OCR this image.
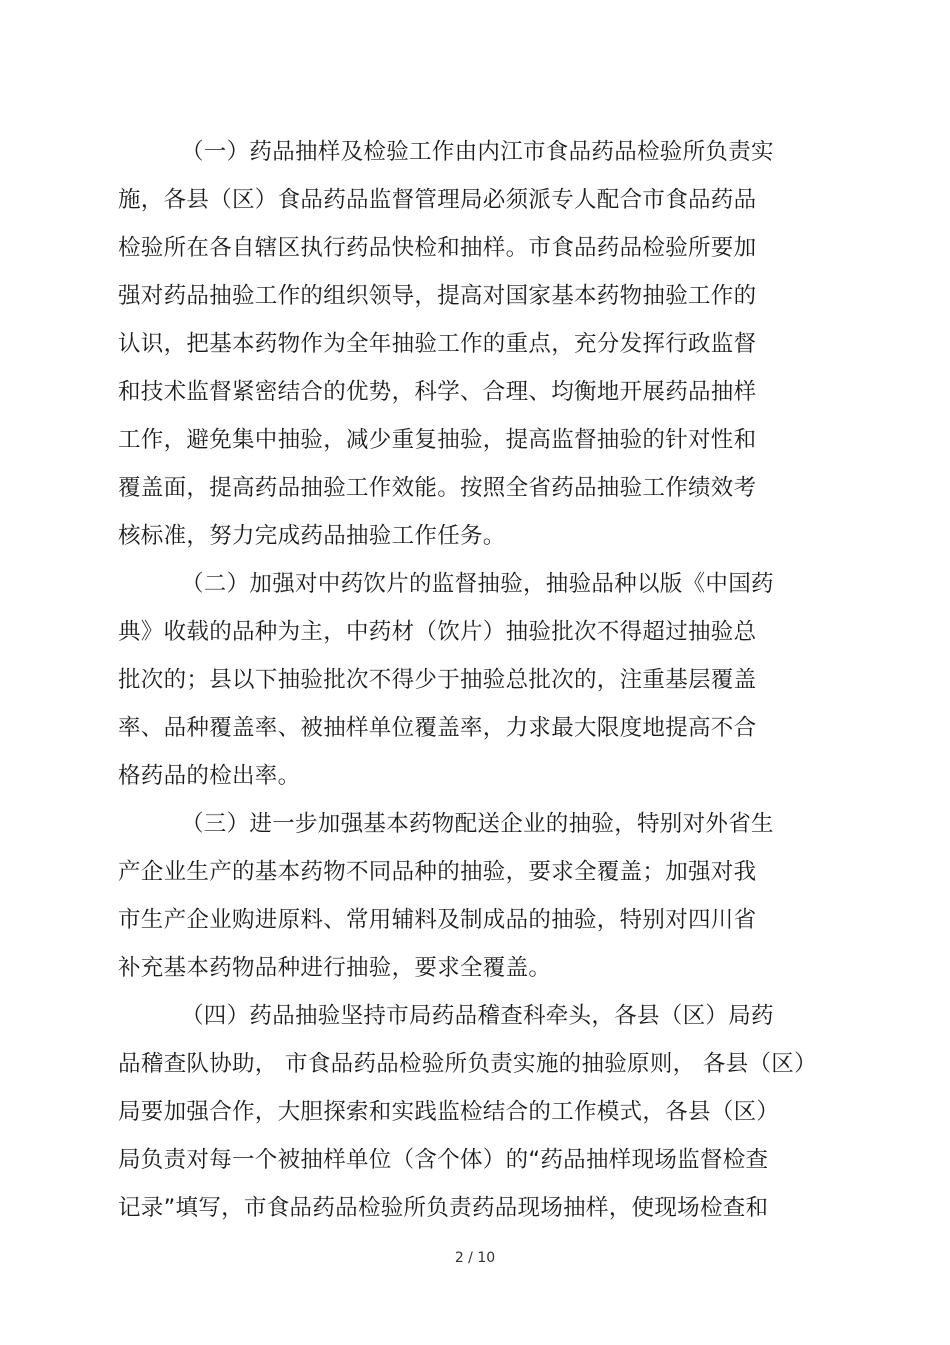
（一）药品抽样及检验工作由内江市食品药品检验所负责实
施，各县（区）食品药品监督管理局必须派专人配合市食品药品
检验所在各自辖区执行药品快检和抽样。市食品药品检验所要加
强对药品抽验工作的组织领导，提高对国家基本药物抽验工作的
认识，把基本药物作为全年抽验工作的重点，充分发挥行政监督
和技术监督紧密结合的优势，科学、合理、均衡地开展药品抽样
工作，避免集中抽验，减少重复抽验，提高监督抽验的针对性和
覆盖面，提高药品抽验工作效能。按照全省药品抽验工作绩效考
核标准，努力完成药品抽验工作任务。
（二）加强对中药饮片的监督抽验，抽验品种以版《中国药
典》收载的品种为主，中药材（饮片）抽验批次不得超过抽验总
批次的；县以下抽验批次不得少于抽验总批次的，注重基层覆盖
率、品种覆盖率、被抽样单位覆盖率，力求最大限度地提高不合
格药品的检出率。
（三）进一步加强基本药物配送企业的抽验，特别对外省生
产企业生产的基本药物不同品种的抽验，要求全覆盖；加强对我
市生产企业购进原料、常用辅料及制成品的抽验，特别对四川省
补充基本药物品种进行抽验，要求全覆盖。
（四）药品抽验坚持市局药品稽查科牵头，各县（区）局药
品稽查队协助， 市食品药品检验所负责实施的抽验原则， 各县（区）
局要加强合作，大胆探索和实践监检结合的工作模式，各县（区）
局负责对每一个被抽样单位（含个体）的“药品抽样现场监督检查
记录”填写，市食品药品检验所负责药品现场抽样，使现场检查和
2 / 10
